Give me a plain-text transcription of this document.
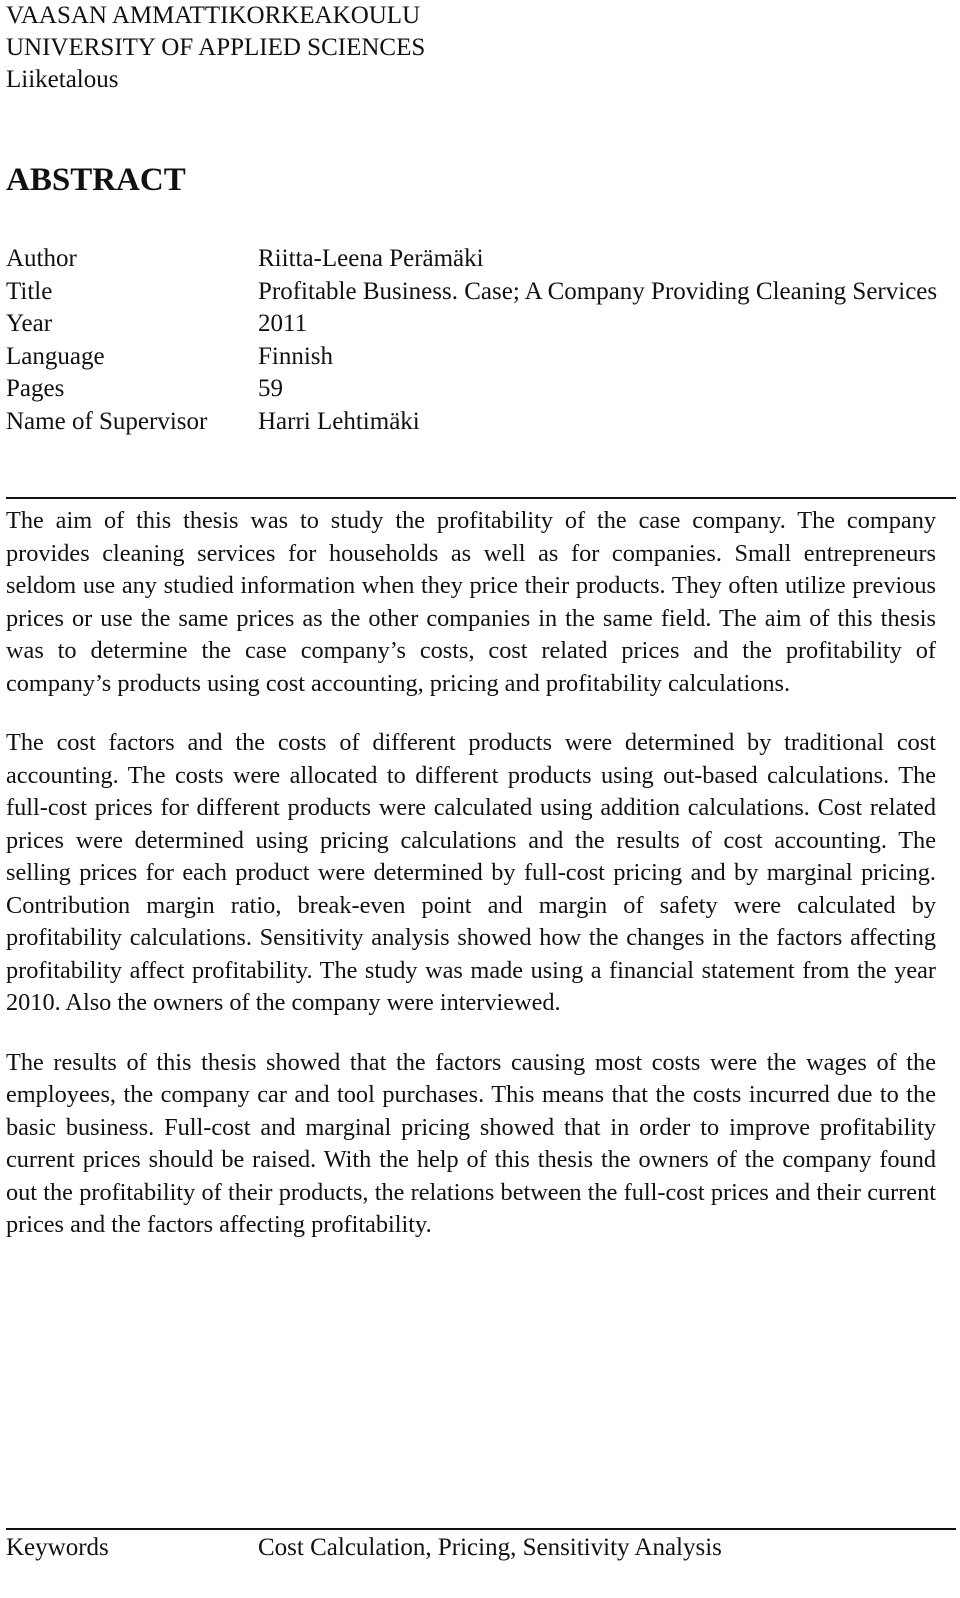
VAASAN AMMATTIKORKEAKOULU

UNIVERSITY OF APPLIED SCIENCES

Liiketalous

ABSTRACT
Author	Riitta-Leena Perämäki
Title	Profitable Business. Case; A Company Providing Cleaning Services
Year	2011
Language	Finnish
Pages	59
Name of Supervisor	Harri Lehtimäki

The aim of this thesis was to study the profitability of the case company. The company provides cleaning services for households as well as for companies. Small entrepreneurs seldom use any studied information when they price their products. They often utilize previous prices or use the same prices as the other companies in the same field. The aim of this thesis was to determine the case company’s costs, cost related prices and the profitability of company’s products using cost accounting, pricing and profitability calculations.

The cost factors and the costs of different products were determined by traditional cost accounting. The costs were allocated to different products using out-based calculations. The full-cost prices for different products were calculated using addition calculations. Cost related prices were determined using pricing calculations and the results of cost accounting. The selling prices for each product were determined by full-cost pricing and by marginal pricing. Contribution margin ratio, break-even point and margin of safety were calculated by profitability calculations. Sensitivity analysis showed how the changes in the factors affecting profitability affect profitability. The study was made using a financial statement from the year 2010. Also the owners of the company were interviewed.

The results of this thesis showed that the factors causing most costs were the wages of the employees, the company car and tool purchases. This means that the costs incurred due to the basic business. Full-cost and marginal pricing showed that in order to improve profitability current prices should be raised. With the help of this thesis the owners of the company found out the profitability of their products, the relations between the full-cost prices and their current prices and the factors affecting profitability.

Keywords	Cost Calculation, Pricing, Sensitivity Analysis
